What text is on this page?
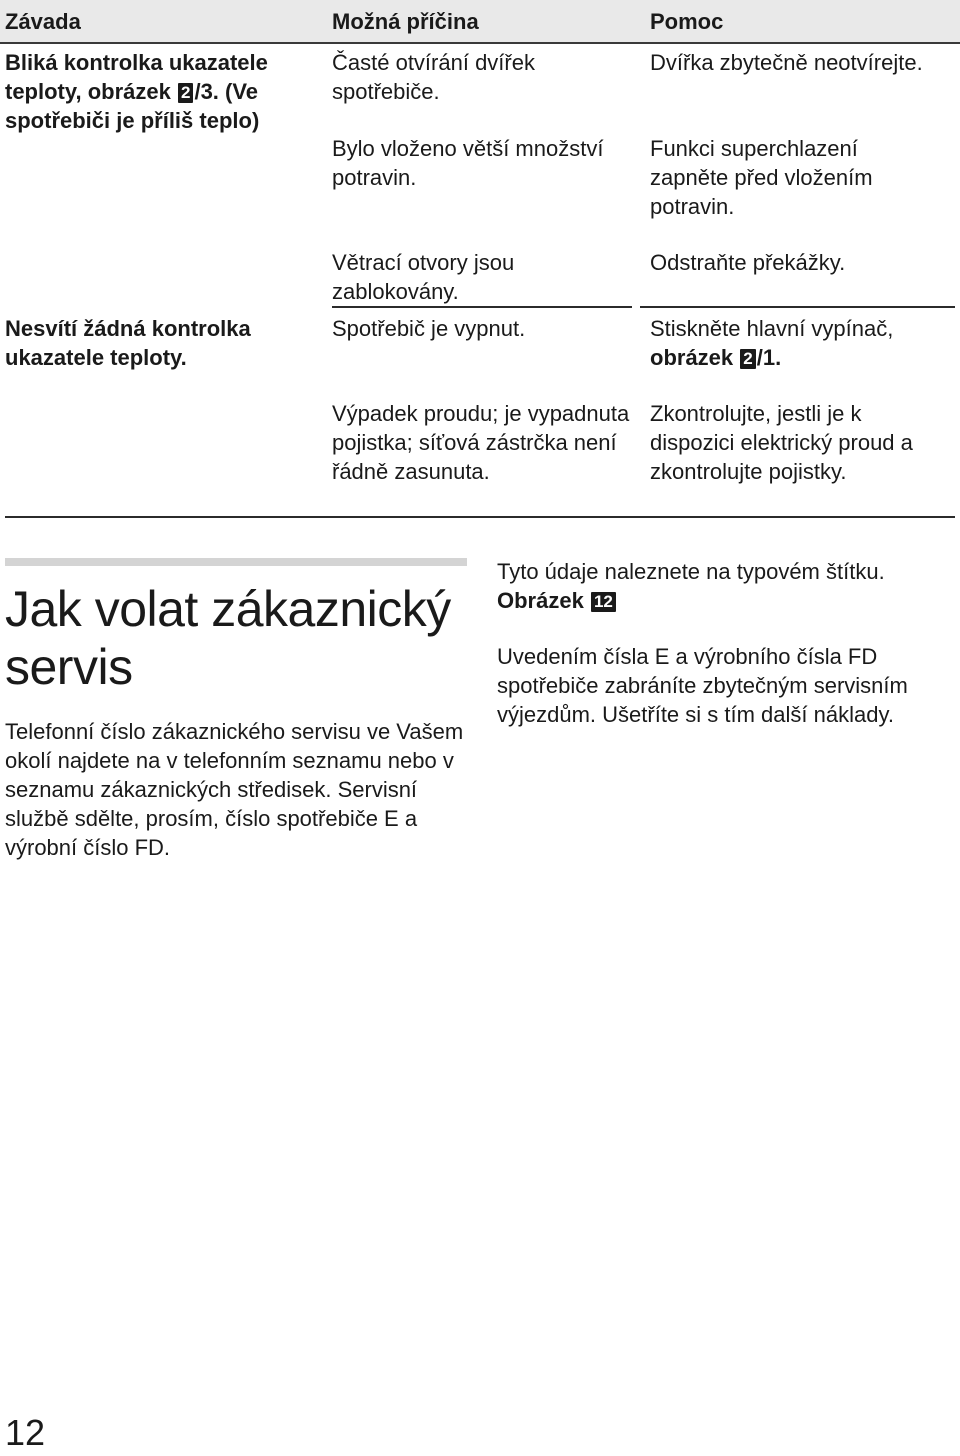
Závada	Možná příčina	Pomoc
Bliká kontrolka ukazatele teploty, obrázek 2 /3. (Ve spotřebiči je příliš teplo)
Časté otvírání dvířek spotřebiče.
Bylo vloženo větší množství potravin.
Větrací otvory jsou zablokovány.
Dvířka zbytečně neotvírejte.
Funkci superchlazení zapněte před vložením potravin.
Odstraňte překážky.
Nesvítí žádná kontrolka ukazatele teploty.
Spotřebič je vypnut.
Výpadek proudu; je vypadnuta pojistka; síťová zástrčka není řádně zasunuta.
Stiskněte hlavní vypínač,
obrázek 2 /1.
Zkontrolujte, jestli je k dispozici elektrický proud a zkontrolujte pojistky.
Jak volat zákaznický servis
Telefonní číslo zákaznického servisu ve Vašem okolí najdete na v telefonním seznamu nebo v seznamu zákaznických středisek. Servisní službě sdělte, prosím, číslo spotřebiče E a výrobní číslo FD.
Tyto údaje naleznete na typovém štítku.
Obrázek 12
Uvedením čísla E a výrobního čísla FD spotřebiče zabráníte zbytečným servisním výjezdům. Ušetříte si s tím další náklady.
12
